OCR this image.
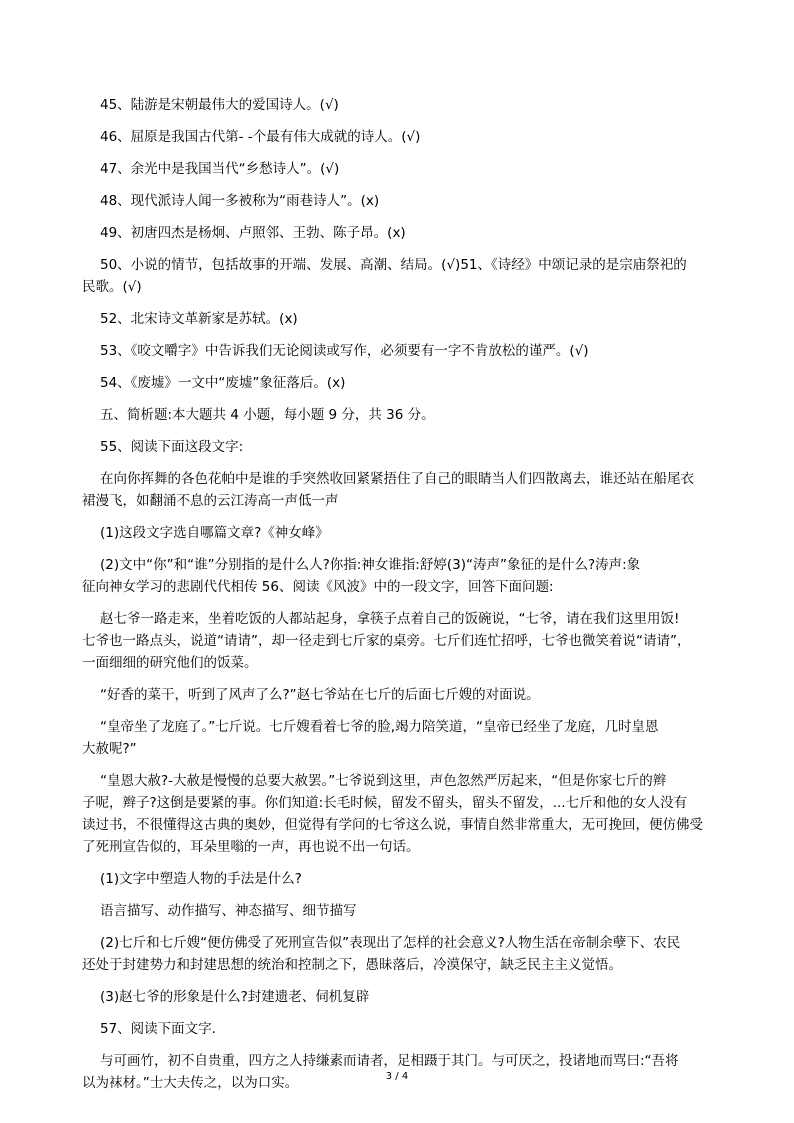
45、陆游是宋朝最伟大的爱国诗人。(√)
46、屈原是我国古代第- -个最有伟大成就的诗人。(√)
47、余光中是我国当代“乡愁诗人”。(√)
48、现代派诗人闻一多被称为“雨巷诗人”。(x)
49、初唐四杰是杨炯、卢照邻、王勃、陈子昂。(x)
50、小说的情节，包括故事的开端、发展、高潮、结局。(√)51、《诗经》中颂记录的是宗庙祭祀的
民歌。(√)
52、北宋诗文革新家是苏轼。(x)
53、《咬文嚼字》中告诉我们无论阅读或写作，必须要有一字不肯放松的谨严。(√)
54、《废墟》一文中“废墟”象征落后。(x)
五、简析题:本大题共 4 小题，每小题 9 分，共 36 分。
55、阅读下面这段文字:
在向你挥舞的各色花帕中是谁的手突然收回紧紧捂住了自己的眼睛当人们四散离去，谁还站在船尾衣
裙漫飞，如翻涌不息的云江涛高一声低一声
(1)这段文字选自哪篇文章?《神女峰》
(2)文中“你”和“谁”分别指的是什么人?你指:神女谁指:舒婷(3)“涛声”象征的是什么?涛声:象
征向神女学习的悲剧代代相传 56、阅读《风波》中的一段文字，回答下面问题:
赵七爷一路走来，坐着吃饭的人都站起身，拿筷子点着自己的饭碗说，“七爷，请在我们这里用饭!
七爷也一路点头，说道“请请”，却一径走到七斤家的桌旁。七斤们连忙招呼，七爷也微笑着说“请请”，
一面细细的研究他们的饭菜。
“好香的菜干，听到了风声了么?”赵七爷站在七斤的后面七斤嫂的对面说。
“皇帝坐了龙庭了。”七斤说。七斤嫂看着七爷的脸,竭力陪笑道，“皇帝已经坐了龙庭，几时皇恩
大赦呢?”
“皇恩大赦?-大赦是慢慢的总要大赦罢。”七爷说到这里，声色忽然严厉起来，“但是你家七斤的辫
子呢，辫子?这倒是要紧的事。你们知道:长毛时候，留发不留头，留头不留发，...七斤和他的女人没有
读过书，不很懂得这古典的奥妙，但觉得有学问的七爷这么说，事情自然非常重大，无可挽回，便仿佛受
了死刑宣告似的，耳朵里嗡的一声，再也说不出一句话。
(1)文字中塑造人物的手法是什么?
语言描写、动作描写、神态描写、细节描写
(2)七斤和七斤嫂“便仿佛受了死刑宣告似”表现出了怎样的社会意义?人物生活在帝制余孽下、农民
还处于封建势力和封建思想的统治和控制之下，愚昧落后，冷漠保守，缺乏民主主义觉悟。
(3)赵七爷的形象是什么?封建遗老、伺机复辟
57、阅读下面文字.
与可画竹，初不自贵重，四方之人持缣素而请者，足相蹑于其门。与可厌之，投诸地而骂曰:“吾将
以为袜材。”士大夫传之，以为口实。	3 / 4
